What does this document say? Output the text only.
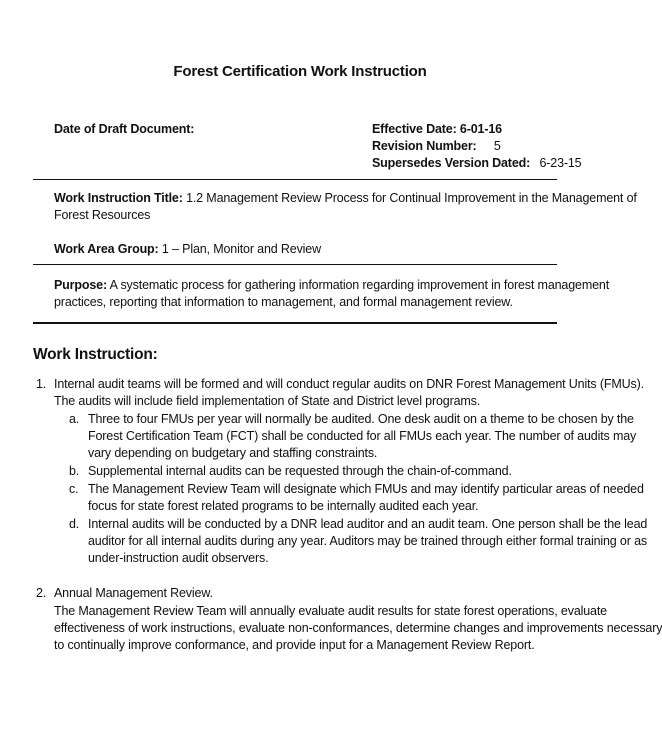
Forest Certification Work Instruction
Date of Draft Document:	Effective Date: 6-01-16
Revision Number: 5
Supersedes Version Dated: 6-23-15
Work Instruction Title: 1.2 Management Review Process for Continual Improvement in the Management of
Forest Resources
Work Area Group: 1 – Plan, Monitor and Review
Purpose: A systematic process for gathering information regarding improvement in forest management
practices, reporting that information to management, and formal management review.
Work Instruction:
1. Internal audit teams will be formed and will conduct regular audits on DNR Forest Management Units (FMUs).
The audits will include field implementation of State and District level programs.
a. Three to four FMUs per year will normally be audited. One desk audit on a theme to be chosen by the
Forest Certification Team (FCT) shall be conducted for all FMUs each year. The number of audits may
vary depending on budgetary and staffing constraints.
b. Supplemental internal audits can be requested through the chain-of-command.
c. The Management Review Team will designate which FMUs and may identify particular areas of needed
focus for state forest related programs to be internally audited each year.
d. Internal audits will be conducted by a DNR lead auditor and an audit team. One person shall be the lead
auditor for all internal audits during any year. Auditors may be trained through either formal training or as
under-instruction audit observers.
2. Annual Management Review.
The Management Review Team will annually evaluate audit results for state forest operations, evaluate
effectiveness of work instructions, evaluate non-conformances, determine changes and improvements necessary
to continually improve conformance, and provide input for a Management Review Report.
